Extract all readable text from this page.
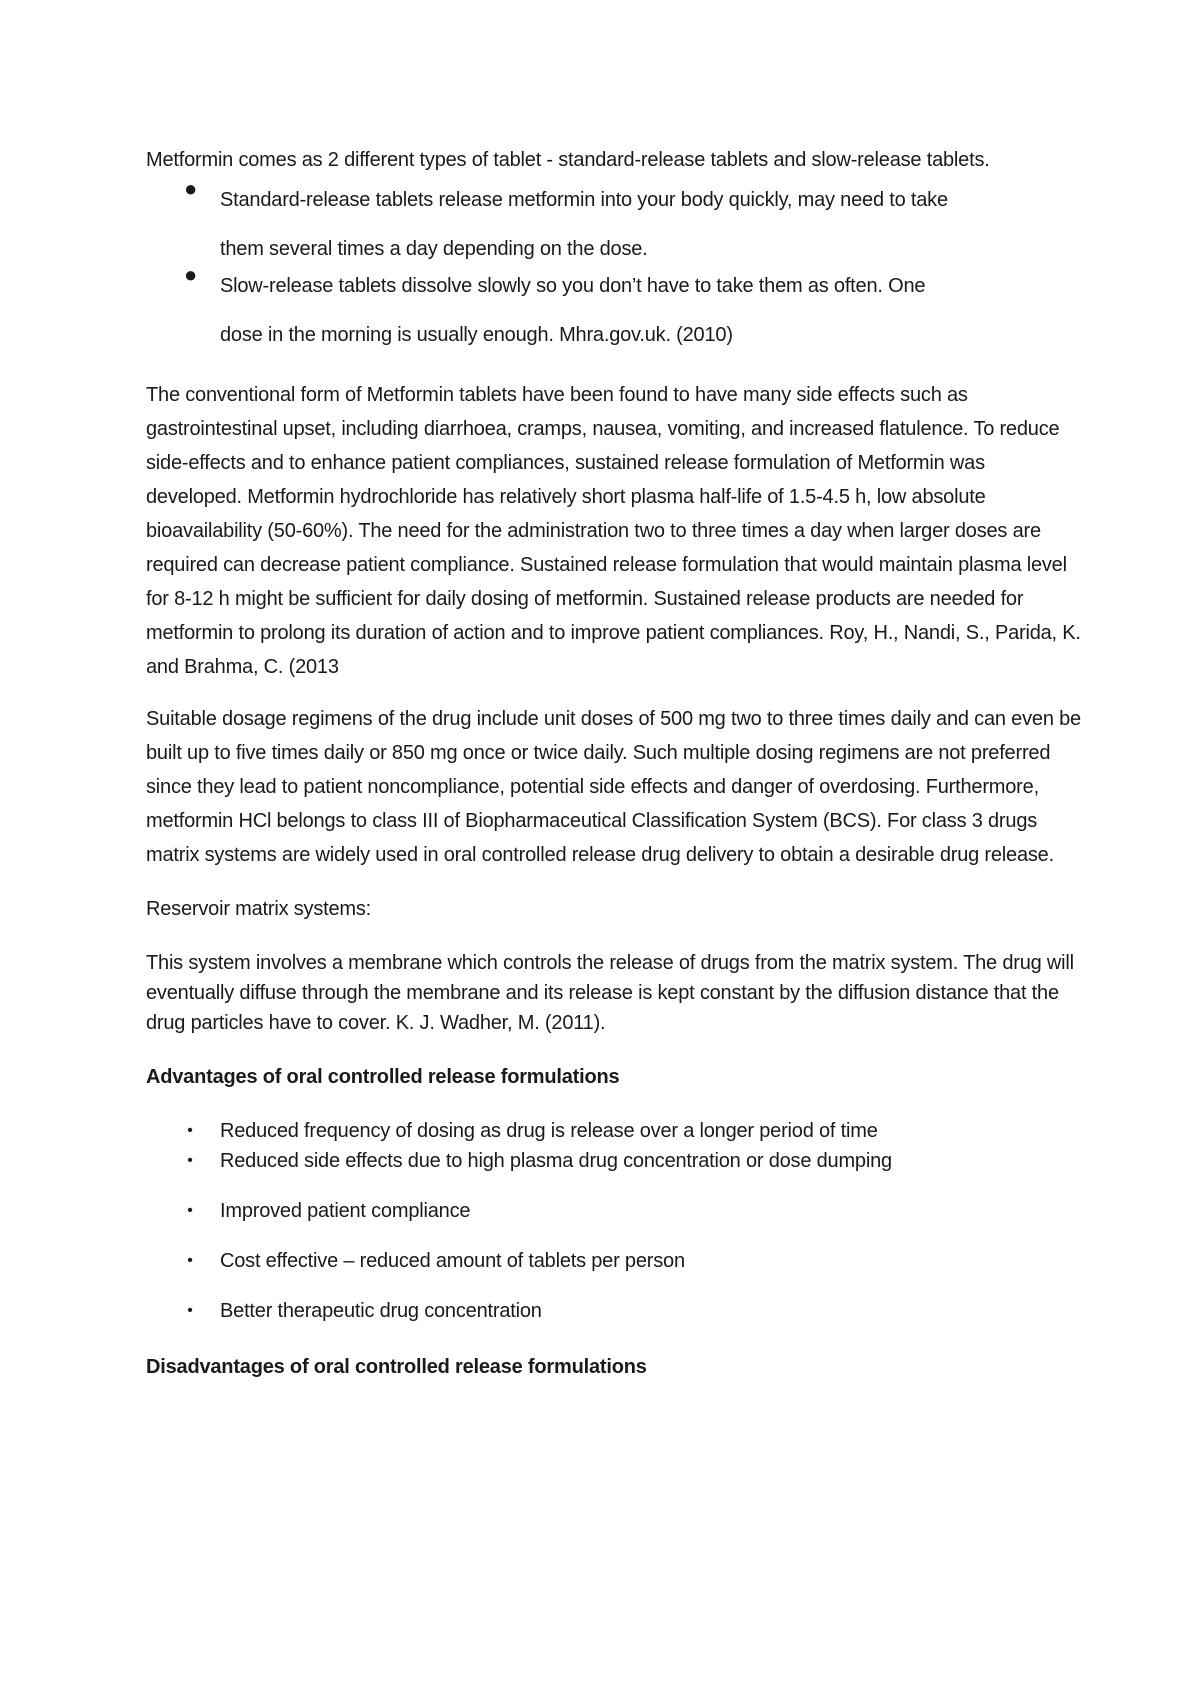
Metformin comes as 2 different types of tablet - standard-release tablets and slow-release tablets.

● Standard-release tablets release metformin into your body quickly, may need to take
them several times a day depending on the dose.
● Slow-release tablets dissolve slowly so you don’t have to take them as often. One
dose in the morning is usually enough. Mhra.gov.uk. (2010)

The conventional form of Metformin tablets have been found to have many side effects such as gastrointestinal upset, including diarrhoea, cramps, nausea, vomiting, and increased flatulence. To reduce side-effects and to enhance patient compliances, sustained release formulation of Metformin was developed. Metformin hydrochloride has relatively short plasma half-life of 1.5-4.5 h, low absolute bioavailability (50-60%). The need for the administration two to three times a day when larger doses are required can decrease patient compliance. Sustained release formulation that would maintain plasma level for 8-12 h might be sufficient for daily dosing of metformin. Sustained release products are needed for metformin to prolong its duration of action and to improve patient compliances. Roy, H., Nandi, S., Parida, K. and Brahma, C. (2013

Suitable dosage regimens of the drug include unit doses of 500 mg two to three times daily and can even be built up to five times daily or 850 mg once or twice daily. Such multiple dosing regimens are not preferred since they lead to patient noncompliance, potential side effects and danger of overdosing. Furthermore, metformin HCl belongs to class III of Biopharmaceutical Classification System (BCS). For class 3 drugs matrix systems are widely used in oral controlled release drug delivery to obtain a desirable drug release.

Reservoir matrix systems:

This system involves a membrane which controls the release of drugs from the matrix system. The drug will eventually diffuse through the membrane and its release is kept constant by the diffusion distance that the drug particles have to cover. K. J. Wadher, M. (2011).

Advantages of oral controlled release formulations

• Reduced frequency of dosing as drug is release over a longer period of time
• Reduced side effects due to high plasma drug concentration or dose dumping
• Improved patient compliance
• Cost effective – reduced amount of tablets per person
• Better therapeutic drug concentration

Disadvantages of oral controlled release formulations
